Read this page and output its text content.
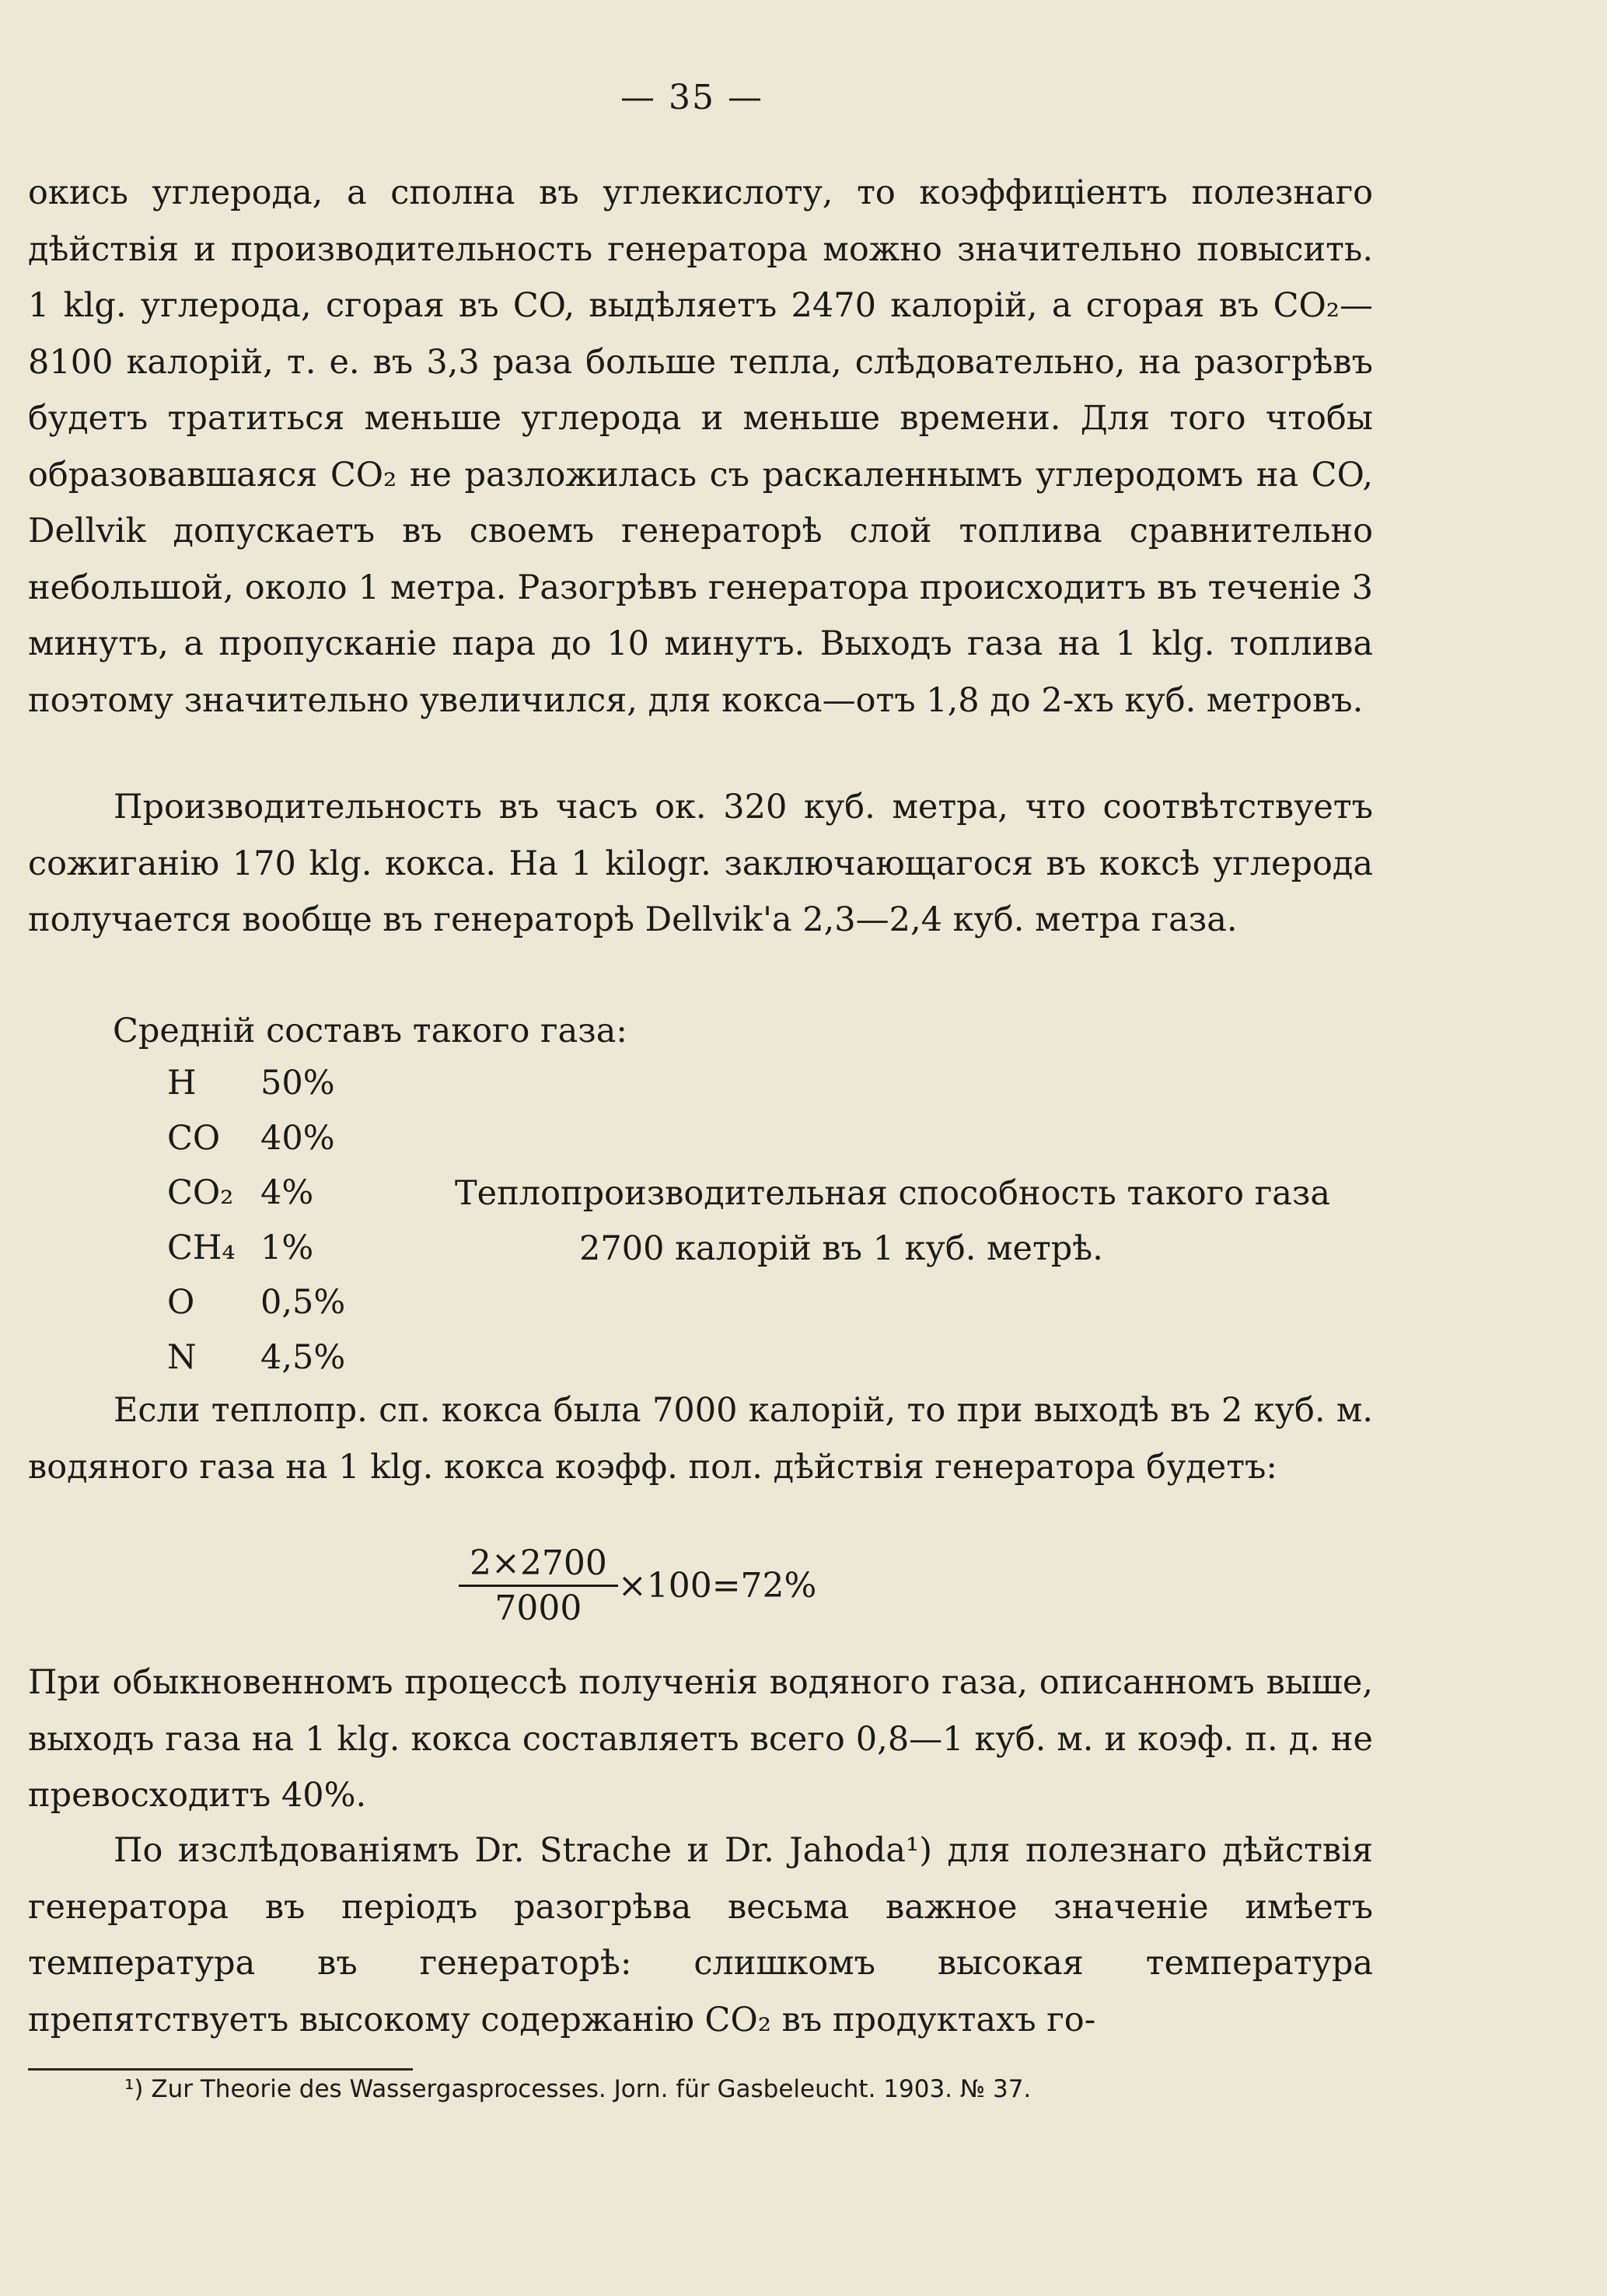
— 35 —
окись углерода, а сполна въ углекислоту, то коэффиціентъ полезнаго дѣйствія и производительность генератора можно значительно повысить. 1 klg. углерода, сгорая въ CO, выдѣляетъ 2470 калорій, а сгорая въ CO₂—8100 калорій, т. е. въ 3,3 раза больше тепла, слѣдовательно, на разогрѣвъ будетъ тратиться меньше углерода и меньше времени. Для того чтобы образовавшаяся CO₂ не разложилась съ раскаленнымъ углеродомъ на CO, Dellvik допускаетъ въ своемъ генераторѣ слой топлива сравнительно небольшой, около 1 метра. Разогрѣвъ генератора происходитъ въ теченіе 3 минутъ, а пропусканіе пара до 10 минутъ. Выходъ газа на 1 klg. топлива поэтому значительно увеличился, для кокса—отъ 1,8 до 2-хъ куб. метровъ.
Производительность въ часъ ок. 320 куб. метра, что соотвѣтствуетъ сожиганію 170 klg. кокса. На 1 kilogr. заключающагося въ коксѣ углерода получается вообще въ генераторѣ Dellvik'а 2,3—2,4 куб. метра газа.
Среднiй составъ такого газа:
H 50%
CO 40%
CO₂ 4%
CH₄ 1%
O 0,5%
N 4,5%
Теплопроизводительная способность такого газа
2700 калорій въ 1 куб. метрѣ.
Если теплопр. сп. кокса была 7000 калорій, то при выходѣ въ 2 куб. м. водяного газа на 1 klg. кокса коэфф. пол. дѣйствія генератора будетъ:
$\frac{2\times 2700}{7000} \times 100=72\%$
При обыкновенномъ процессѣ полученія водяного газа, описанномъ выше, выходъ газа на 1 klg. кокса составляетъ всего 0,8—1 куб. м. и коэф. п. д. не превосходитъ 40%.
По изслѣдованіямъ Dr. Strache и Dr. Jahoda¹) для полезнаго дѣйствія генератора въ періодъ разогрѣва весьма важное значеніе имѣетъ температура въ генераторѣ: слишкомъ высокая температура препятствуетъ высокому содержанію CO₂ въ продуктахъ го-
¹) Zur Theorie des Wassergasprocesses. Jorn. für Gasbeleucht. 1903. № 37.
